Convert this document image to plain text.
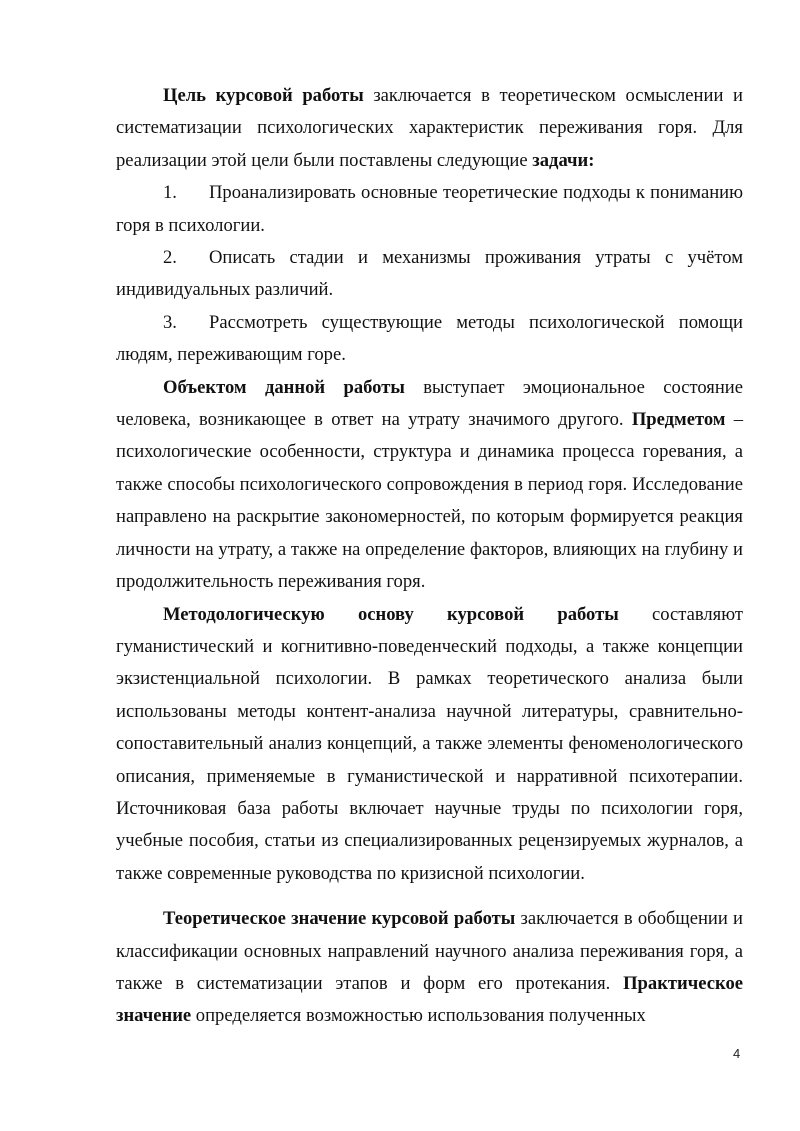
Цель курсовой работы заключается в теоретическом осмыслении и систематизации психологических характеристик переживания горя. Для реализации этой цели были поставлены следующие задачи:

1. Проанализировать основные теоретические подходы к пониманию горя в психологии.

2. Описать стадии и механизмы проживания утраты с учётом индивидуальных различий.

3. Рассмотреть существующие методы психологической помощи людям, переживающим горе.

Объектом данной работы выступает эмоциональное состояние человека, возникающее в ответ на утрату значимого другого. Предметом – психологические особенности, структура и динамика процесса горевания, а также способы психологического сопровождения в период горя. Исследование направлено на раскрытие закономерностей, по которым формируется реакция личности на утрату, а также на определение факторов, влияющих на глубину и продолжительность переживания горя.

Методологическую основу курсовой работы составляют гуманистический и когнитивно-поведенческий подходы, а также концепции экзистенциальной психологии. В рамках теоретического анализа были использованы методы контент-анализа научной литературы, сравнительно-сопоставительный анализ концепций, а также элементы феноменологического описания, применяемые в гуманистической и нарративной психотерапии. Источниковая база работы включает научные труды по психологии горя, учебные пособия, статьи из специализированных рецензируемых журналов, а также современные руководства по кризисной психологии.

Теоретическое значение курсовой работы заключается в обобщении и классификации основных направлений научного анализа переживания горя, а также в систематизации этапов и форм его протекания. Практическое значение определяется возможностью использования полученных

4
